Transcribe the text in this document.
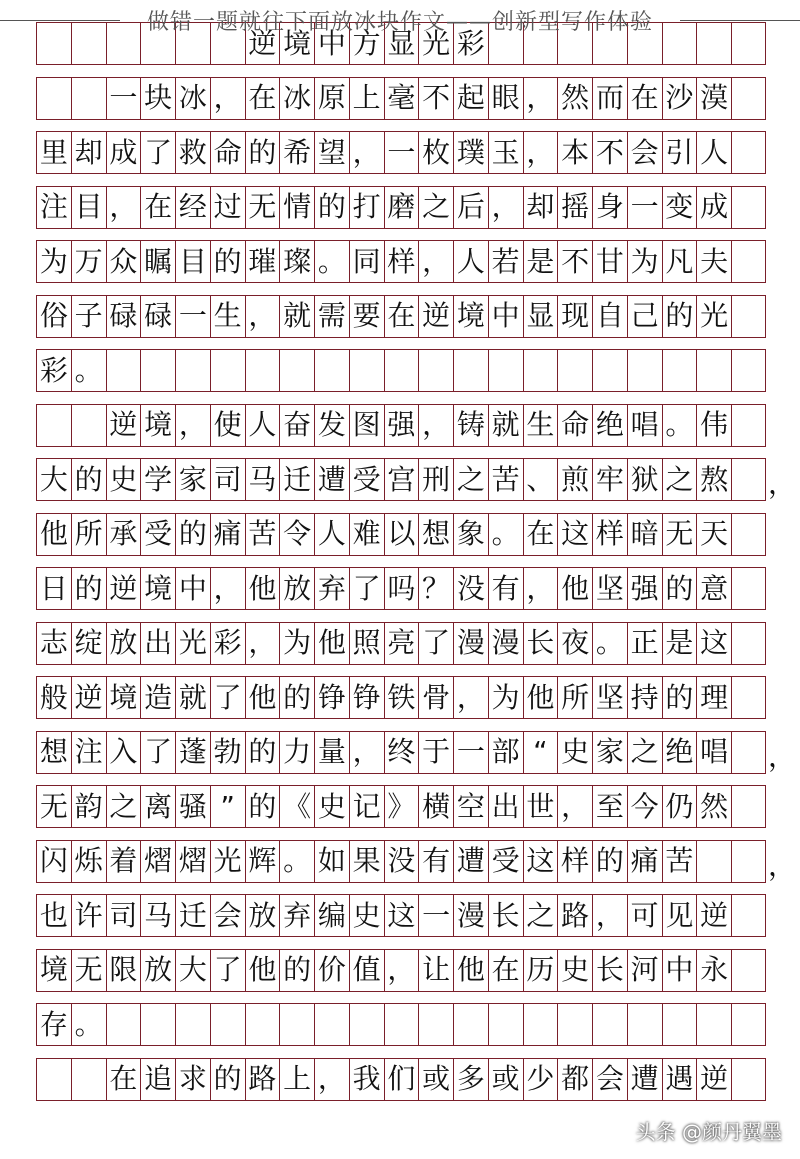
做错一题就往下面放冰块作文——创新型写作体验
逆 境 中 方 显 光 彩
一 块 冰 ， 在 冰 原 上 毫 不 起 眼 ， 然 而 在 沙 漠
里 却 成 了 救 命 的 希 望 ， 一 枚 璞 玉 ， 本 不 会 引 人
注 目 ， 在 经 过 无 情 的 打 磨 之 后 ， 却 摇 身 一 变 成
为 万 众 瞩 目 的 璀 璨 。 同 样 ， 人 若 是 不 甘 为 凡 夫
俗 子 碌 碌 一 生 ， 就 需 要 在 逆 境 中 显 现 自 己 的 光
彩 。
逆 境 ， 使 人 奋 发 图 强 ， 铸 就 生 命 绝 唱 。 伟
大 的 史 学 家 司 马 迁 遭 受 宫 刑 之 苦 、 煎 牢 狱 之 熬
他 所 承 受 的 痛 苦 令 人 难 以 想 象 。 在 这 样 暗 无 天
日 的 逆 境 中 ， 他 放 弃 了 吗 ？ 没 有 ， 他 坚 强 的 意
志 绽 放 出 光 彩 ， 为 他 照 亮 了 漫 漫 长 夜 。 正 是 这
般 逆 境 造 就 了 他 的 铮 铮 铁 骨 ， 为 他 所 坚 持 的 理
想 注 入 了 蓬 勃 的 力 量 ， 终 于 一 部 “ 史 家 之 绝 唱
无 韵 之 离 骚 ” 的 《 史 记 》 横 空 出 世 ， 至 今 仍 然
闪 烁 着 熠 熠 光 辉 。 如 果 没 有 遭 受 这 样 的 痛 苦
也 许 司 马 迁 会 放 弃 编 史 这 一 漫 长 之 路 ， 可 见 逆
境 无 限 放 大 了 他 的 价 值 ， 让 他 在 历 史 长 河 中 永
存 。
在 追 求 的 路 上 ， 我 们 或 多 或 少 都 会 遭 遇 逆
，
，
，
头条 @颜丹翼墨
